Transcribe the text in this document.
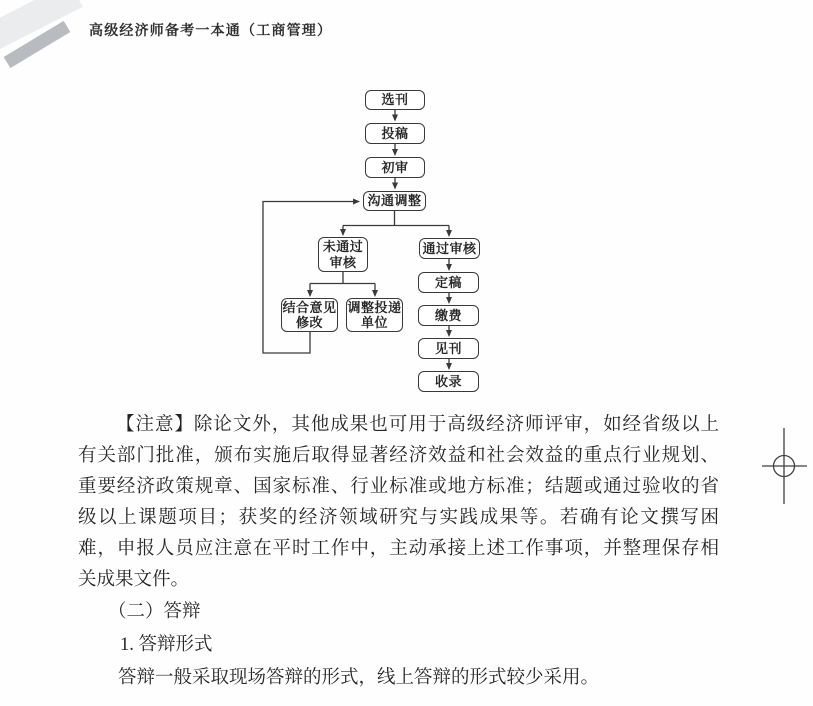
高级经济师备考一本通（工商管理）
选刊
投稿
初审
沟通调整
未通过
审核
通过审核
定稿
缴费
见刊
收录
结合意见
修改
调整投递
单位
【注意】除论文外，其他成果也可用于高级经济师评审，如经省级以上
有关部门批准，颁布实施后取得显著经济效益和社会效益的重点行业规划、
重要经济政策规章、国家标准、行业标准或地方标准；结题或通过验收的省
级以上课题项目；获奖的经济领域研究与实践成果等。若确有论文撰写困
难，申报人员应注意在平时工作中，主动承接上述工作事项，并整理保存相
关成果文件。
（二）答辩
1. 答辩形式
答辩一般采取现场答辩的形式，线上答辩的形式较少采用。
